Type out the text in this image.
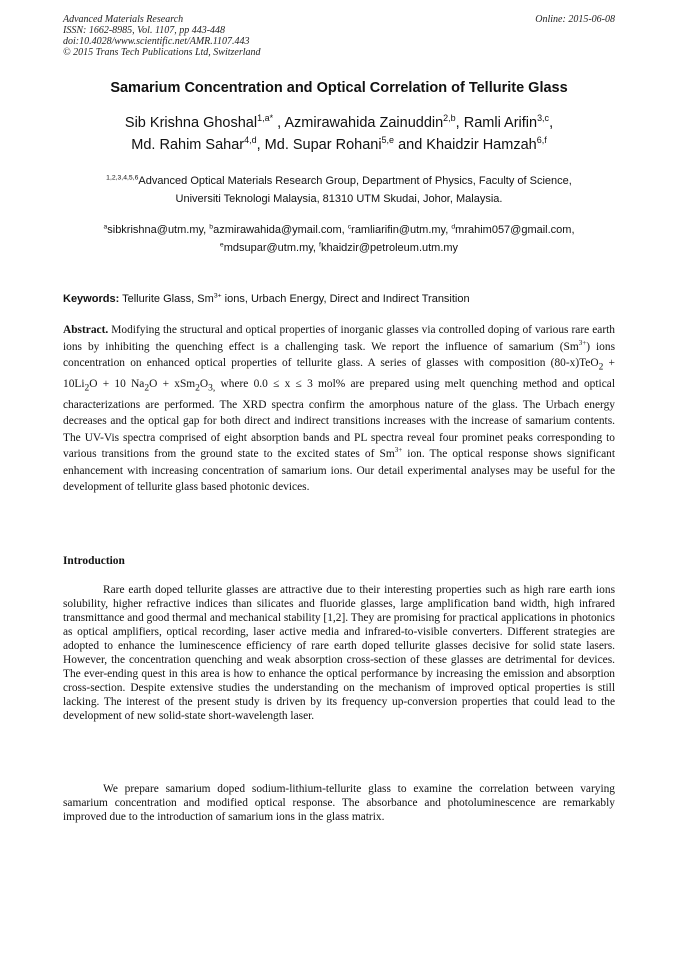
Advanced Materials Research	Online: 2015-06-08
ISSN: 1662-8985, Vol. 1107, pp 443-448
doi:10.4028/www.scientific.net/AMR.1107.443
© 2015 Trans Tech Publications Ltd, Switzerland
Samarium Concentration and Optical Correlation of Tellurite Glass
Sib Krishna Ghoshal$^{1,a*}$ , Azmirawahida Zainuddin$^{2,b}$, Ramli Arifin$^{3,c}$,
Md. Rahim Sahar$^{4,d}$, Md. Supar Rohani$^{5,e}$ and Khaidzir Hamzah$^{6,f}$
$^{1,2,3,4,5,6}$Advanced Optical Materials Research Group, Department of Physics, Faculty of Science,
Universiti Teknologi Malaysia, 81310 UTM Skudai, Johor, Malaysia.
$^a$sibkrishna@utm.my, $^b$azmirawahida@ymail.com, $^c$ramliarifin@utm.my, $^d$mrahim057@gmail.com,
$^e$mdsupar@utm.my, $^f$khaidzir@petroleum.utm.my
Keywords: Tellurite Glass, $Sm^{3+}$ ions, Urbach Energy, Direct and Indirect Transition
Abstract. Modifying the structural and optical properties of inorganic glasses via controlled doping of various rare earth ions by inhibiting the quenching effect is a challenging task. We report the influence of samarium $(Sm^{3+})$ ions concentration on enhanced optical properties of tellurite glass. A series of glasses with composition $(80-x)TeO_2 + 10Li_2O + 10$ $Na_2O + xSm_2O_{3,}$ where 0.0 ≤ x ≤ 3 mol% are prepared using melt quenching method and optical characterizations are performed. The XRD spectra confirm the amorphous nature of the glass. The Urbach energy decreases and the optical gap for both direct and indirect transitions increases with the increase of samarium contents. The UV-Vis spectra comprised of eight absorption bands and PL spectra reveal four prominet peaks corresponding to various transitions from the ground state to the excited states of $Sm^{3+}$ ion. The optical response shows significant enhancement with increasing concentration of samarium ions. Our detail experimental analyses may be useful for the development of tellurite glass based photonic devices.
Introduction
Rare earth doped tellurite glasses are attractive due to their interesting properties such as high rare earth ions solubility, higher refractive indices than silicates and fluoride glasses, large amplification band width, high infrared transmittance and good thermal and mechanical stability [1,2]. They are promising for practical applications in photonics as optical amplifiers, optical recording, laser active media and infrared-to-visible converters. Different strategies are adopted to enhance the luminescence efficiency of rare earth doped tellurite glasses decisive for solid state lasers. However, the concentration quenching and weak absorption cross-section of these glasses are detrimental for devices. The ever-ending quest in this area is how to enhance the optical performance by increasing the emission and absorption cross-section. Despite extensive studies the understanding on the mechanism of improved optical properties is still lacking. The interest of the present study is driven by its frequency up-conversion properties that could lead to the development of new solid-state short-wavelength laser.
We prepare samarium doped sodium-lithium-tellurite glass to examine the correlation between varying samarium concentration and modified optical response. The absorbance and photoluminescence are remarkably improved due to the introduction of samarium ions in the glass matrix.
